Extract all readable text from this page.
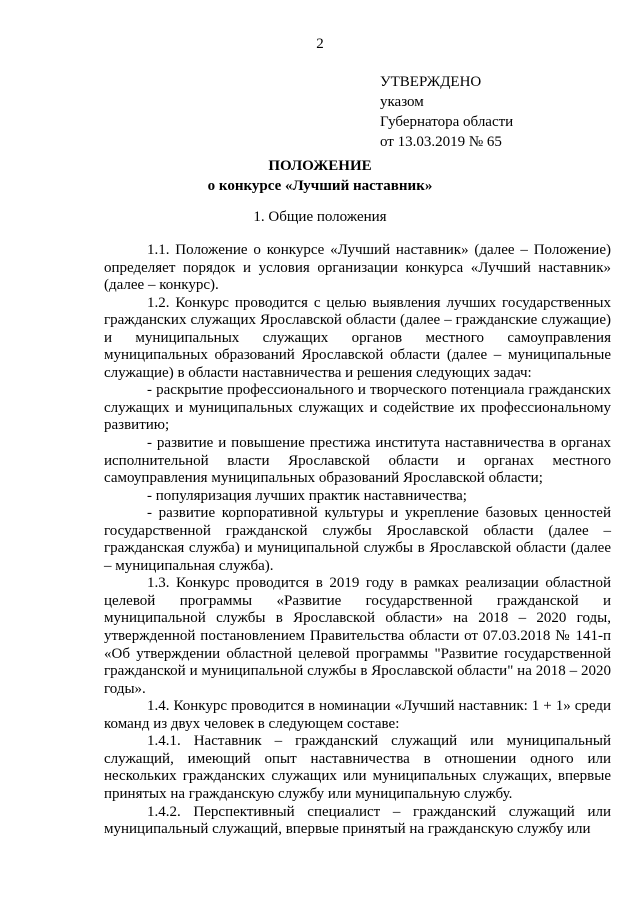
2
УТВЕРЖДЕНО
указом
Губернатора области
от 13.03.2019 № 65
ПОЛОЖЕНИЕ
о конкурсе «Лучший наставник»
1. Общие положения

1.1. Положение о конкурсе «Лучший наставник» (далее – Положение) определяет порядок и условия организации конкурса «Лучший наставник» (далее – конкурс).

1.2. Конкурс проводится с целью выявления лучших государственных гражданских служащих Ярославской области (далее – гражданские служащие) и муниципальных служащих органов местного самоуправления муниципальных образований Ярославской области (далее – муниципальные служащие) в области наставничества и решения следующих задач:

- раскрытие профессионального и творческого потенциала гражданских служащих и муниципальных служащих и содействие их профессиональному развитию;

- развитие и повышение престижа института наставничества в органах исполнительной власти Ярославской области и органах местного самоуправления муниципальных образований Ярославской области;

- популяризация лучших практик наставничества;

- развитие корпоративной культуры и укрепление базовых ценностей государственной гражданской службы Ярославской области (далее – гражданская служба) и муниципальной службы в Ярославской области (далее – муниципальная служба).

1.3. Конкурс проводится в 2019 году в рамках реализации областной целевой программы «Развитие государственной гражданской и муниципальной службы в Ярославской области» на 2018 – 2020 годы, утвержденной постановлением Правительства области от 07.03.2018 № 141-п «Об утверждении областной целевой программы "Развитие государственной гражданской и муниципальной службы в Ярославской области" на 2018 – 2020 годы».

1.4. Конкурс проводится в номинации «Лучший наставник: 1 + 1» среди команд из двух человек в следующем составе:

1.4.1. Наставник – гражданский служащий или муниципальный служащий, имеющий опыт наставничества в отношении одного или нескольких гражданских служащих или муниципальных служащих, впервые принятых на гражданскую службу или муниципальную службу.

1.4.2. Перспективный специалист – гражданский служащий или муниципальный служащий, впервые принятый на гражданскую службу или
